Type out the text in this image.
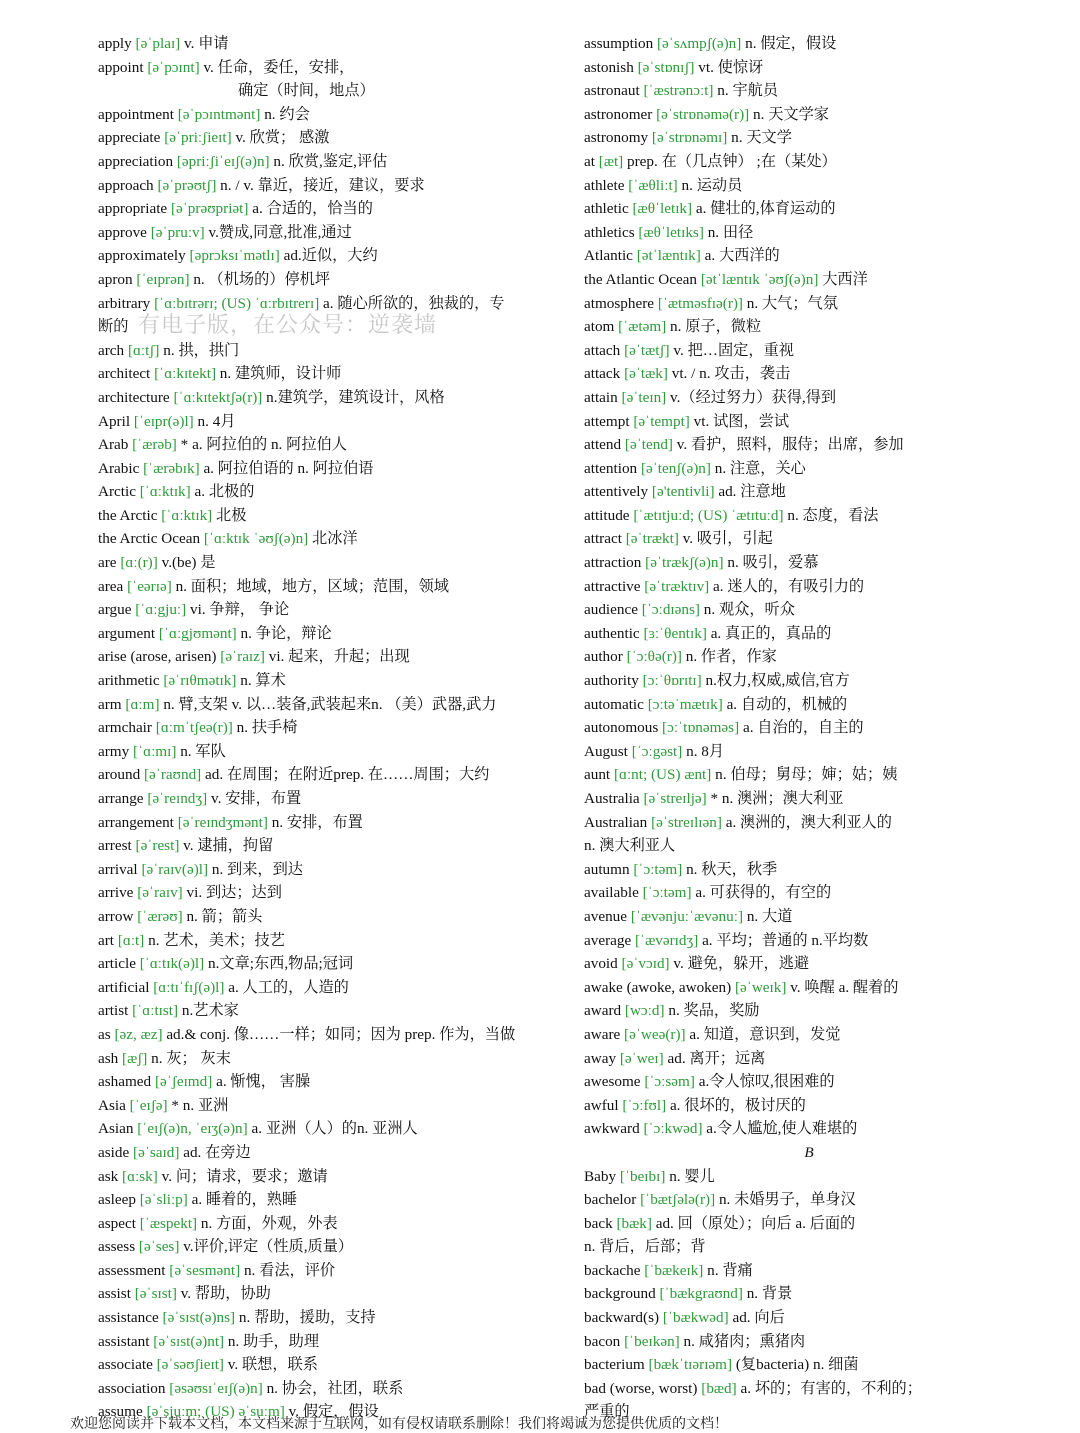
apply [əˈplaɪ] v. 申请
appoint [əˈpɔɪnt] v. 任命，委任，安排，
确定（时间，地点）
appointment [əˈpɔɪntmənt] n. 约会
appreciate [əˈpriːʃieɪt] v. 欣赏； 感激
appreciation [əpriːʃiˈeɪʃ(ə)n] n. 欣赏,鉴定,评估
approach [əˈprəʊtʃ] n. / v. 靠近，接近，建议，要求
appropriate [əˈprəʊpriət] a. 合适的，恰当的
approve [əˈpruːv] v.赞成,同意,批准,通过
approximately [əprɔksɪˈmətlɪ] ad.近似，大约
apron [ˈeɪprən] n. （机场的）停机坪
arbitrary [ˈɑːbɪtrərɪ; (US) ˈɑːrbɪtrerɪ] a. 随心所欲的，独裁的，专
断的
arch [ɑːtʃ] n. 拱，拱门
architect [ˈɑːkɪtekt] n. 建筑师，设计师
architecture [ˈɑːkɪtektʃə(r)] n.建筑学，建筑设计，风格
April [ˈeɪpr(ə)l] n. 4月
Arab [ˈærəb] * a. 阿拉伯的 n. 阿拉伯人
Arabic [ˈærəbɪk] a. 阿拉伯语的 n. 阿拉伯语
Arctic [ˈɑːktɪk] a. 北极的
the Arctic [ˈɑːktɪk] 北极
the Arctic Ocean [ˈɑːktɪk ˈəʊʃ(ə)n] 北冰洋
are [ɑː(r)] v.(be) 是
area [ˈeərɪə] n. 面积；地域，地方，区域；范围，领域
argue [ˈɑːgjuː] vi. 争辩， 争论
argument [ˈɑːgjʊmənt] n. 争论，辩论
arise (arose, arisen) [əˈraɪz] vi. 起来，升起；出现
arithmetic [əˈrɪθmətɪk] n. 算术
arm [ɑːm] n. 臂,支架 v. 以…装备,武装起来n. （美）武器,武力
armchair [ɑːmˈtʃeə(r)] n. 扶手椅
army [ˈɑːmɪ] n. 军队
around [əˈraʊnd] ad. 在周围；在附近prep. 在……周围；大约
arrange [əˈreɪndʒ] v. 安排，布置
arrangement [əˈreɪndʒmənt] n. 安排，布置
arrest [əˈrest] v. 逮捕，拘留
arrival [əˈraɪv(ə)l] n. 到来，到达
arrive [əˈraɪv] vi. 到达；达到
arrow [ˈærəʊ] n. 箭；箭头
art [ɑːt] n. 艺术，美术；技艺
article [ˈɑːtɪk(ə)l] n.文章;东西,物品;冠词
artificial [ɑːtɪˈfɪʃ(ə)l] a. 人工的，人造的
artist [ˈɑːtɪst] n.艺术家
as [əz, æz] ad.& conj. 像……一样；如同；因为 prep. 作为，当做
ash [æʃ] n. 灰； 灰末
ashamed [əˈʃeɪmd] a. 惭愧， 害臊
Asia [ˈeɪʃə] * n. 亚洲
Asian [ˈeɪʃ(ə)n, ˈeɪʒ(ə)n] a. 亚洲（人）的n. 亚洲人
aside [əˈsaɪd] ad. 在旁边
ask [ɑːsk] v. 问；请求，要求；邀请
asleep [əˈsliːp] a. 睡着的，熟睡
aspect [ˈæspekt] n. 方面，外观，外表
assess [əˈses] v.评价,评定（性质,质量）
assessment [əˈsesmənt] n. 看法，评价
assist [əˈsɪst] v. 帮助，协助
assistance [əˈsɪst(ə)ns] n. 帮助，援助，支持
assistant [əˈsɪst(ə)nt] n. 助手，助理
associate [əˈsəʊʃieɪt] v. 联想，联系
association [əsəʊsɪˈeɪʃ(ə)n] n. 协会，社团，联系
assume [əˈsjuːm; (US) əˈsuːm] v. 假定，假设
assumption [əˈsʌmpʃ(ə)n] n. 假定，假设
astonish [əˈstɒnɪʃ] vt. 使惊讶
astronaut [ˈæstrənɔːt] n. 宇航员
astronomer [əˈstrɒnəmə(r)] n. 天文学家
astronomy [əˈstrɒnəmɪ] n. 天文学
at [æt] prep. 在（几点钟） ;在（某处）
athlete [ˈæθliːt] n. 运动员
athletic [æθˈletɪk] a. 健壮的,体育运动的
athletics [æθˈletɪks] n. 田径
Atlantic [ətˈlæntɪk] a. 大西洋的
the Atlantic Ocean [ətˈlæntɪk ˈəʊʃ(ə)n] 大西洋
atmosphere [ˈætməsfɪə(r)] n. 大气；气氛
atom [ˈætəm] n. 原子，微粒
attach [əˈtætʃ] v. 把…固定，重视
attack [əˈtæk] vt. / n. 攻击，袭击
attain [əˈteɪn] v.（经过努力）获得,得到
attempt [əˈtempt] vt. 试图，尝试
attend [əˈtend] v. 看护，照料，服侍；出席，参加
attention [əˈtenʃ(ə)n] n. 注意，关心
attentively [ə'tentivli] ad. 注意地
attitude [ˈætɪtjuːd; (US) ˈætɪtuːd] n. 态度，看法
attract [əˈtrækt] v. 吸引，引起
attraction [əˈtrækʃ(ə)n] n. 吸引，爱慕
attractive [əˈtræktɪv] a. 迷人的，有吸引力的
audience [ˈɔːdɪəns] n. 观众，听众
authentic [ɜːˈθentɪk] a. 真正的，真品的
author [ˈɔːθə(r)] n. 作者，作家
authority [ɔːˈθɒrɪtɪ] n.权力,权威,威信,官方
automatic [ɔːtəˈmætɪk] a. 自动的，机械的
autonomous [ɔːˈtɒnəməs] a. 自治的，自主的
August [ˈɔːgəst] n. 8月
aunt [ɑːnt; (US) ænt] n. 伯母；舅母；婶；姑；姨
Australia [əˈstreɪljə] * n. 澳洲；澳大利亚
Australian [əˈstreɪlɪən] a. 澳洲的，澳大利亚人的
n. 澳大利亚人
autumn [ˈɔːtəm] n. 秋天，秋季
available [ˈɔːtəm] a. 可获得的，有空的
avenue [ˈævənjuːˈævənuː] n. 大道
average [ˈævərɪdʒ] a. 平均；普通的 n.平均数
avoid [əˈvɔɪd] v. 避免，躲开，逃避
awake (awoke, awoken) [əˈweɪk] v. 唤醒 a. 醒着的
award [wɔːd] n. 奖品，奖励
aware [əˈweə(r)] a. 知道，意识到，发觉
away [əˈweɪ] ad. 离开；远离
awesome [ˈɔːsəm] a.令人惊叹,很困难的
awful [ˈɔːfʊl] a. 很坏的，极讨厌的
awkward [ˈɔːkwəd] a.令人尴尬,使人难堪的
B
Baby [ˈbeɪbɪ] n. 婴儿
bachelor [ˈbætʃələ(r)] n. 未婚男子，单身汉
back [bæk] ad. 回（原处）；向后 a. 后面的
n. 背后，后部；背
backache [ˈbækeɪk] n. 背痛
background [ˈbækgraʊnd] n. 背景
backward(s) [ˈbækwəd] ad. 向后
bacon [ˈbeɪkən] n. 咸猪肉；熏猪肉
bacterium [bækˈtɪərɪəm] (复bacteria) n. 细菌
bad (worse, worst) [bæd] a. 坏的；有害的，不利的；
严重的
有电子版，在公众号：逆袭墙
欢迎您阅读并下载本文档，本文档来源于互联网，如有侵权请联系删除！我们将竭诚为您提供优质的文档！
